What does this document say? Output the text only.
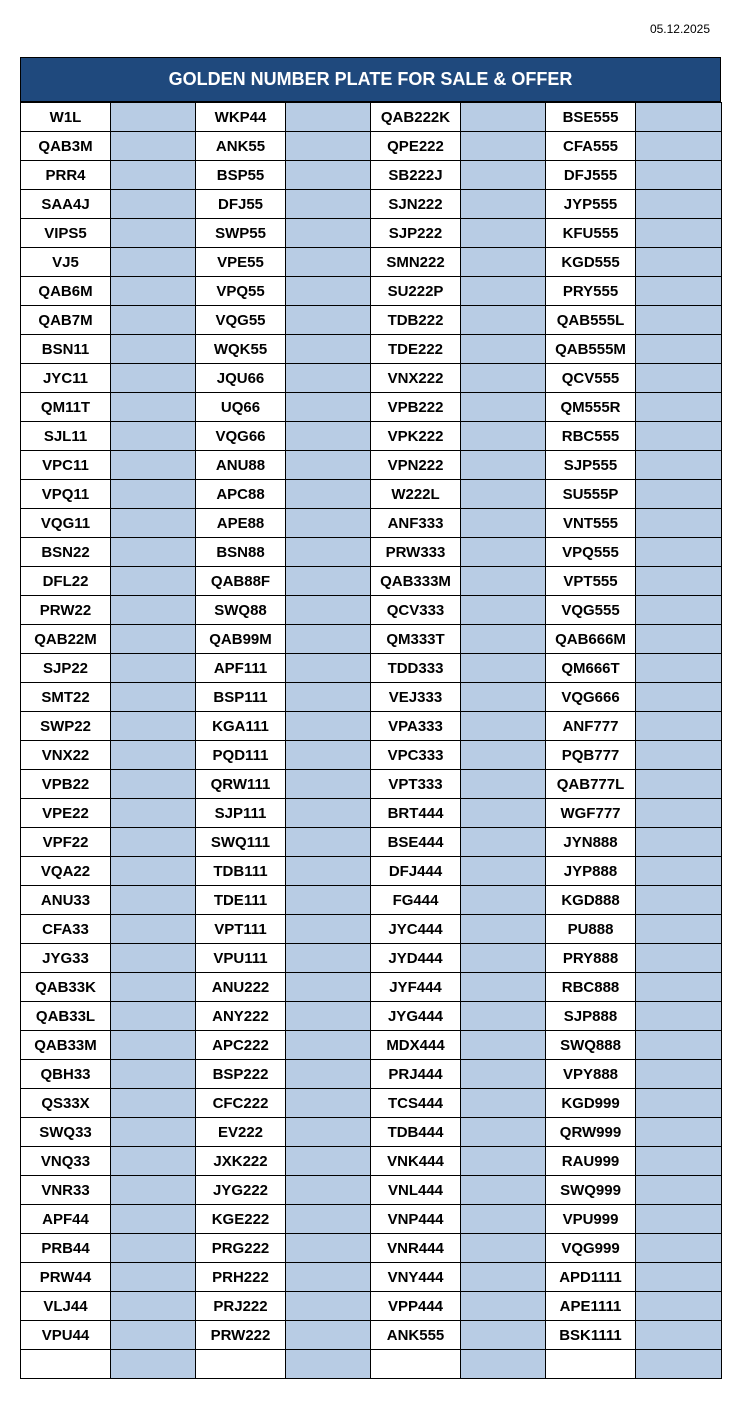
05.12.2025
GOLDEN NUMBER PLATE FOR SALE & OFFER
W1L		WKP44		QAB222K		BSE555	
QAB3M		ANK55		QPE222		CFA555	
PRR4		BSP55		SB222J		DFJ555	
SAA4J		DFJ55		SJN222		JYP555	
VIPS5		SWP55		SJP222		KFU555	
VJ5		VPE55		SMN222		KGD555	
QAB6M		VPQ55		SU222P		PRY555	
QAB7M		VQG55		TDB222		QAB555L	
BSN11		WQK55		TDE222		QAB555M	
JYC11		JQU66		VNX222		QCV555	
QM11T		UQ66		VPB222		QM555R	
SJL11		VQG66		VPK222		RBC555	
VPC11		ANU88		VPN222		SJP555	
VPQ11		APC88		W222L		SU555P	
VQG11		APE88		ANF333		VNT555	
BSN22		BSN88		PRW333		VPQ555	
DFL22		QAB88F		QAB333M		VPT555	
PRW22		SWQ88		QCV333		VQG555	
QAB22M		QAB99M		QM333T		QAB666M	
SJP22		APF111		TDD333		QM666T	
SMT22		BSP111		VEJ333		VQG666	
SWP22		KGA111		VPA333		ANF777	
VNX22		PQD111		VPC333		PQB777	
VPB22		QRW111		VPT333		QAB777L	
VPE22		SJP111		BRT444		WGF777	
VPF22		SWQ111		BSE444		JYN888	
VQA22		TDB111		DFJ444		JYP888	
ANU33		TDE111		FG444		KGD888	
CFA33		VPT111		JYC444		PU888	
JYG33		VPU111		JYD444		PRY888	
QAB33K		ANU222		JYF444		RBC888	
QAB33L		ANY222		JYG444		SJP888	
QAB33M		APC222		MDX444		SWQ888	
QBH33		BSP222		PRJ444		VPY888	
QS33X		CFC222		TCS444		KGD999	
SWQ33		EV222		TDB444		QRW999	
VNQ33		JXK222		VNK444		RAU999	
VNR33		JYG222		VNL444		SWQ999	
APF44		KGE222		VNP444		VPU999	
PRB44		PRG222		VNR444		VQG999	
PRW44		PRH222		VNY444		APD1111	
VLJ44		PRJ222		VPP444		APE1111	
VPU44		PRW222		ANK555		BSK1111	
